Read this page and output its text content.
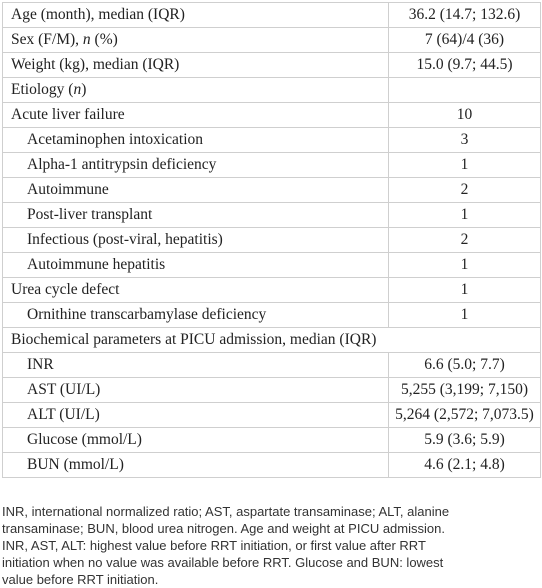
Age (month), median (IQR)	36.2 (14.7; 132.6)
Sex (F/M), n (%)	7 (64)/4 (36)
Weight (kg), median (IQR)	15.0 (9.7; 44.5)
Etiology (n)	
Acute liver failure	10
Acetaminophen intoxication	3
Alpha-1 antitrypsin deficiency	1
Autoimmune	2
Post-liver transplant	1
Infectious (post-viral, hepatitis)	2
Autoimmune hepatitis	1
Urea cycle defect	1
Ornithine transcarbamylase deficiency	1
Biochemical parameters at PICU admission, median (IQR)	
INR	6.6 (5.0; 7.7)
AST (UI/L)	5,255 (3,199; 7,150)
ALT (UI/L)	5,264 (2,572; 7,073.5)
Glucose (mmol/L)	5.9 (3.6; 5.9)
BUN (mmol/L)	4.6 (2.1; 4.8)

INR, international normalized ratio; AST, aspartate transaminase; ALT, alanine
transaminase; BUN, blood urea nitrogen. Age and weight at PICU admission.
INR, AST, ALT: highest value before RRT initiation, or first value after RRT
initiation when no value was available before RRT. Glucose and BUN: lowest
value before RRT initiation.
